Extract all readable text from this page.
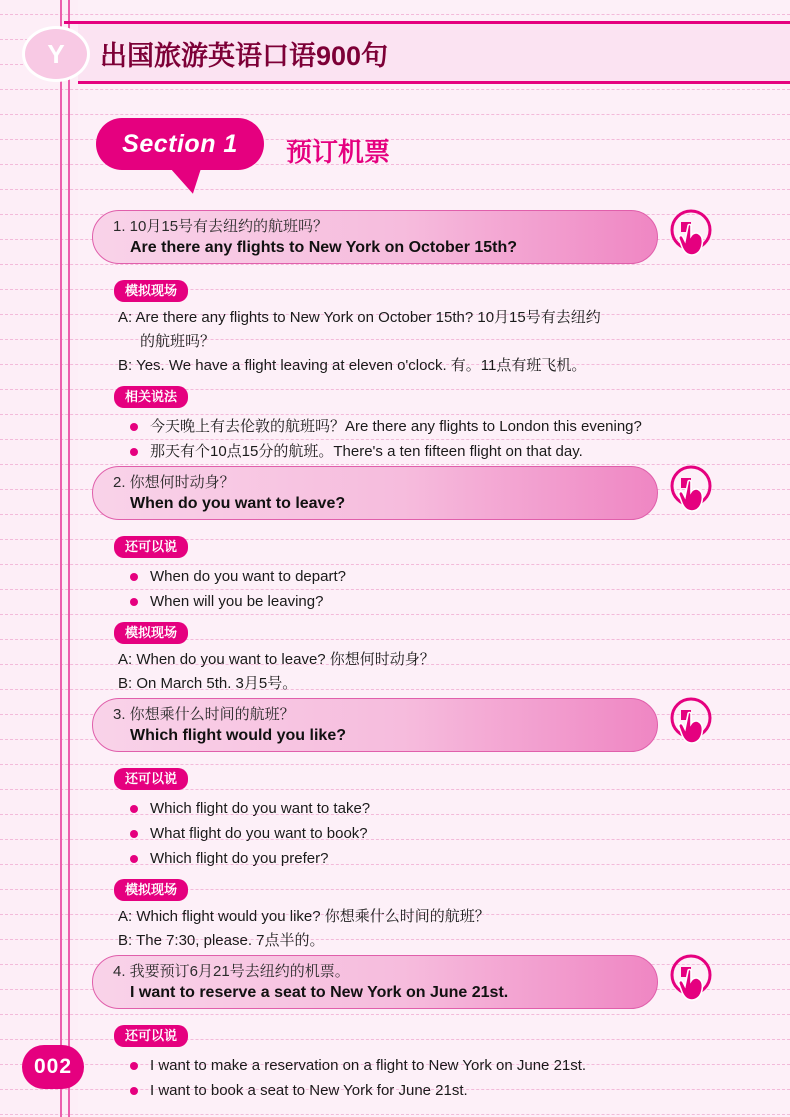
Y 出国旅游英语口语900句
Section 1 预订机票
1. 10月15号有去纽约的航班吗？
Are there any flights to New York on October 15th?
模拟现场
A: Are there any flights to New York on October 15th? 10月15号有去纽约
的航班吗？
B: Yes. We have a flight leaving at eleven o'clock. 有。11点有班飞机。
相关说法
今天晚上有去伦敦的航班吗？Are there any flights to London this evening?
那天有个10点15分的航班。There's a ten fifteen flight on that day.
2. 你想何时动身？
When do you want to leave?
还可以说
When do you want to depart?
When will you be leaving?
模拟现场
A: When do you want to leave? 你想何时动身？
B: On March 5th. 3月5号。
3. 你想乘什么时间的航班？
Which flight would you like?
还可以说
Which flight do you want to take?
What flight do you want to book?
Which flight do you prefer?
模拟现场
A: Which flight would you like? 你想乘什么时间的航班？
B: The 7:30, please. 7点半的。
4. 我要预订6月21号去纽约的机票。
I want to reserve a seat to New York on June 21st.
还可以说
I want to make a reservation on a flight to New York on June 21st.
I want to book a seat to New York for June 21st.
002
